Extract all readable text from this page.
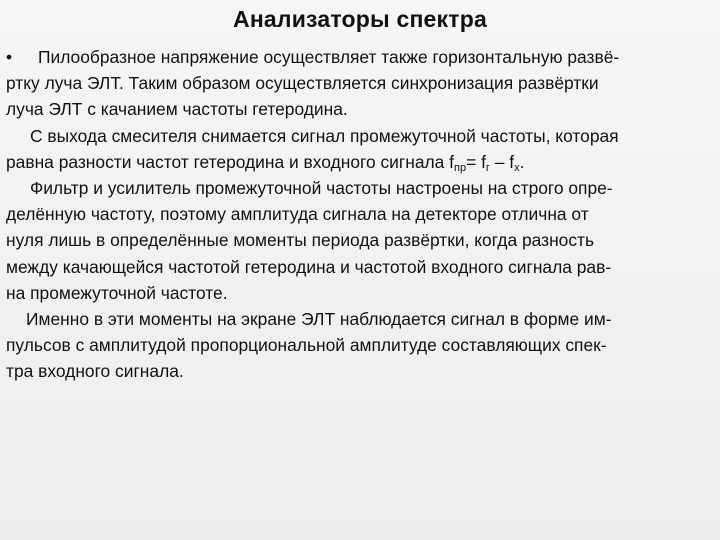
Анализаторы спектра
• Пилообразное напряжение осуществляет также горизонтальную развё-
ртку луча ЭЛТ. Таким образом осуществляется синхронизация развёртки
луча ЭЛТ с качанием частоты гетеродина.
С выхода смесителя снимается сигнал промежуточной частоты, которая
равна разности частот гетеродина и входного сигнала $f_{пр}= f_г - f_х$.
Фильтр и усилитель промежуточной частоты настроены на строго опре-
делённую частоту, поэтому амплитуда сигнала на детекторе отлична от
нуля лишь в определённые моменты периода развёртки, когда разность
между качающейся частотой гетеродина и частотой входного сигнала рав-
на промежуточной частоте.
Именно в эти моменты на экране ЭЛТ наблюдается сигнал в форме им-
пульсов с амплитудой пропорциональной амплитуде составляющих спек-
тра входного сигнала.
